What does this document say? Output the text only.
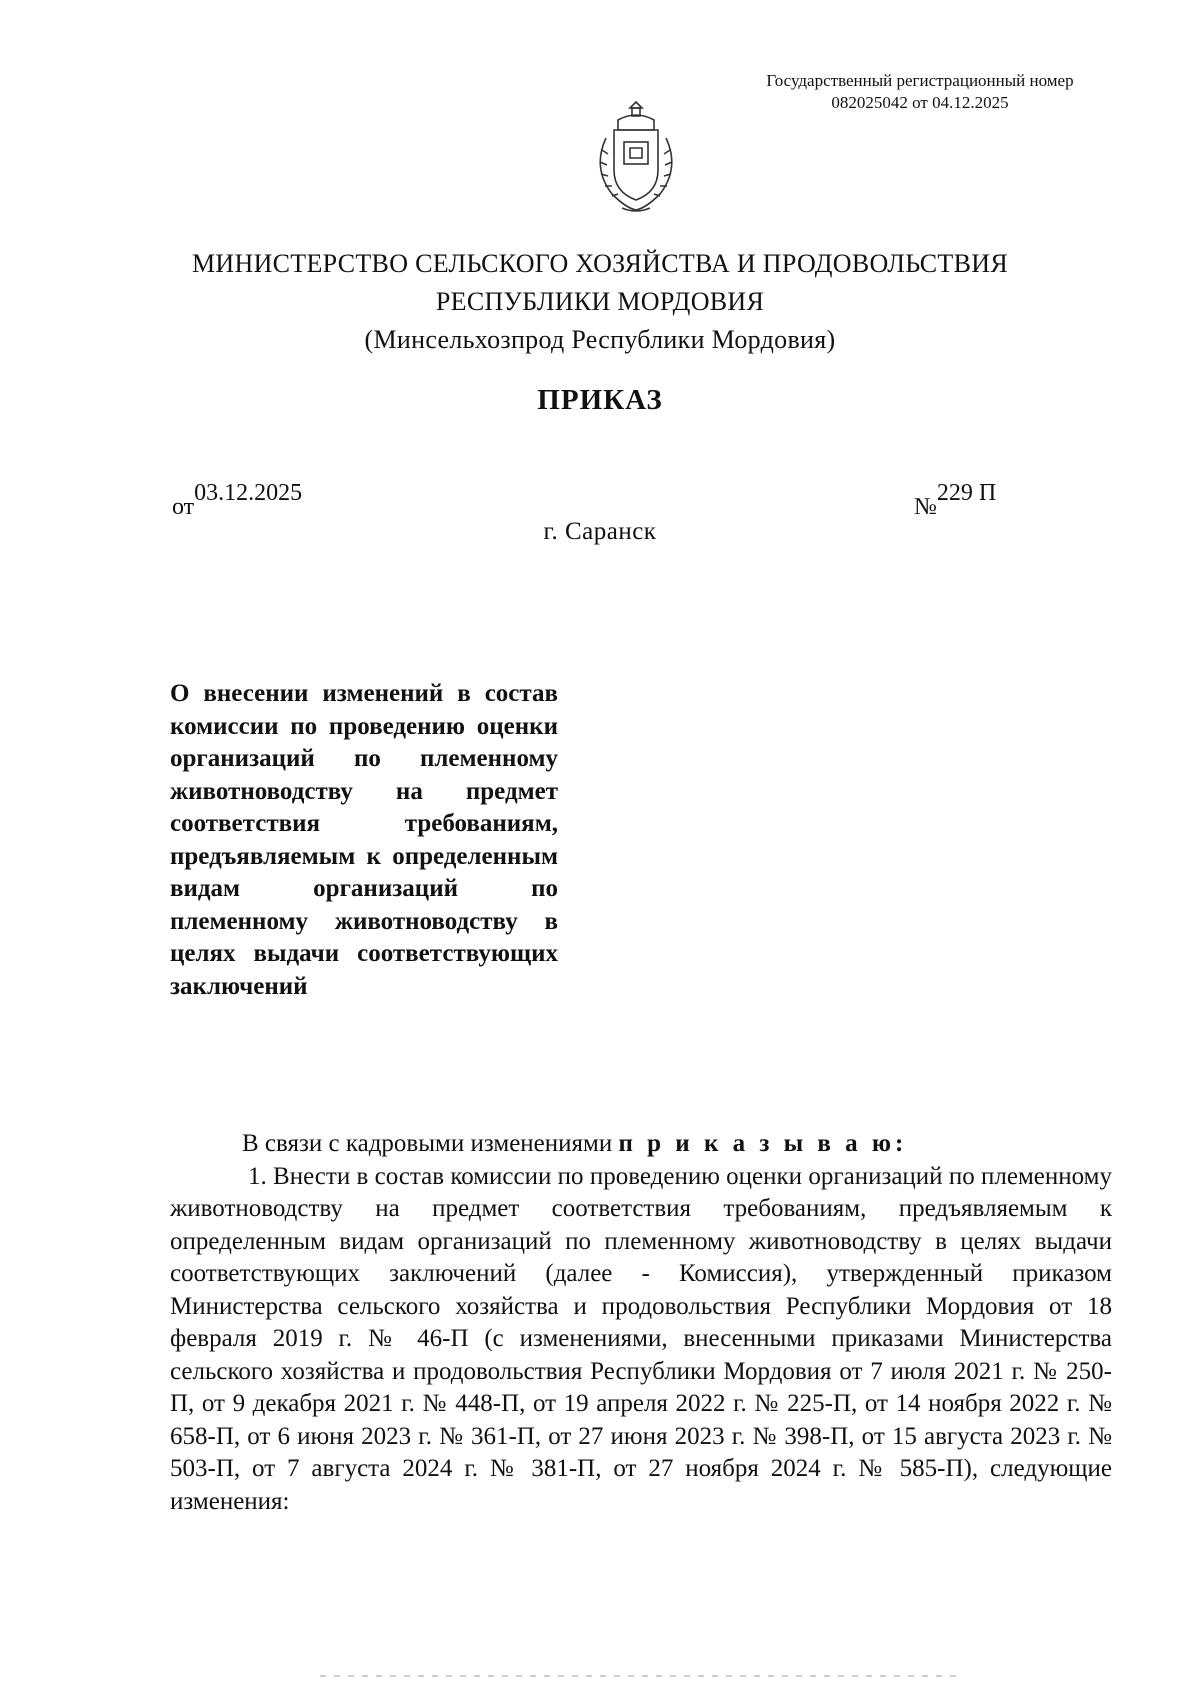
Государственный регистрационный номер
082025042 от 04.12.2025
МИНИСТЕРСТВО СЕЛЬСКОГО ХОЗЯЙСТВА И ПРОДОВОЛЬСТВИЯ
РЕСПУБЛИКИ МОРДОВИЯ
(Минсельхозпрод Республики Мордовия)
ПРИКАЗ
от03.12.2025
№229 П
г. Саранск
О внесении изменений в состав комиссии по проведению оценки организаций по племенному животноводству на предмет соответствия требованиям, предъявляемым к определенным видам организаций по племенному животноводству в целях выдачи соответствующих заключений

В связи с кадровыми изменениями п р и к а з ы в а ю:

1. Внести в состав комиссии по проведению оценки организаций по племенному животноводству на предмет соответствия требованиям, предъявляемым к определенным видам организаций по племенному животноводству в целях выдачи соответствующих заключений (далее - Комиссия), утвержденный приказом Министерства сельского хозяйства и продовольствия Республики Мордовия от 18 февраля 2019 г. № 46-П (с изменениями, внесенными приказами Министерства сельского хозяйства и продовольствия Республики Мордовия от 7 июля 2021 г. № 250-П, от 9 декабря 2021 г. № 448-П, от 19 апреля 2022 г. № 225-П, от 14 ноября 2022 г. № 658-П, от 6 июня 2023 г. № 361-П, от 27 июня 2023 г. № 398-П, от 15 августа 2023 г. № 503-П, от 7 августа 2024 г. № 381-П, от 27 ноября 2024 г. № 585-П), следующие изменения:
